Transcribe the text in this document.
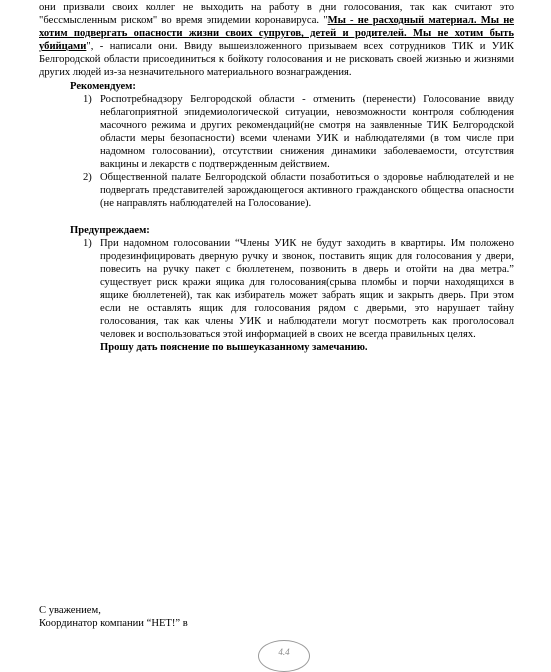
они призвали своих коллег не выходить на работу в дни голосования, так как считают это "бессмысленным риском" во время эпидемии коронавируса. "Мы - не расходный материал. Мы не хотим подвергать опасности жизни своих супругов, детей и родителей. Мы не хотим быть убийцами", - написали они. Ввиду вышеизложенного призываем всех сотрудников ТИК и УИК Белгородской области присоединиться к бойкоту голосования и не рисковать своей жизнью и жизнями других людей из-за незначительного материального вознаграждения.

Рекомендуем:

1) Роспотребнадзору Белгородской области - отменить (перенести) Голосование ввиду неблагоприятной эпидемиологической ситуации, невозможности контроля соблюдения масочного режима и других рекомендаций(не смотря на заявленные ТИК Белгородской области меры безопасности) всеми членами УИК и наблюдателями (в том числе при надомном голосовании), отсутствии снижения динамики заболеваемости, отсутствия вакцины и лекарств с подтвержденным действием.
2) Общественной палате Белгородской области позаботиться о здоровье наблюдателей и не подвергать представителей зарождающегося активного гражданского общества опасности (не направлять наблюдателей на Голосование).

Предупреждаем:

1) При надомном голосовании “Члены УИК не будут заходить в квартиры. Им положено продезинфицировать дверную ручку и звонок, поставить ящик для голосования у двери, повесить на ручку пакет с бюллетенем, позвонить в дверь и отойти на два метра.” существует риск кражи ящика для голосования(срыва пломбы и порчи находящихся в ящике бюллетеней), так как избиратель может забрать ящик и закрыть дверь. При этом если не оставлять ящик для голосования рядом с дверьми, это нарушает тайну голосования, так как члены УИК и наблюдатели могут посмотреть как проголосовал человек и воспользоваться этой информацией в своих не всегда правильных целях.
Прошу дать пояснение по вышеуказанному замечанию.
С уважением,
Координатор компании “НЕТ!” в
4.4
